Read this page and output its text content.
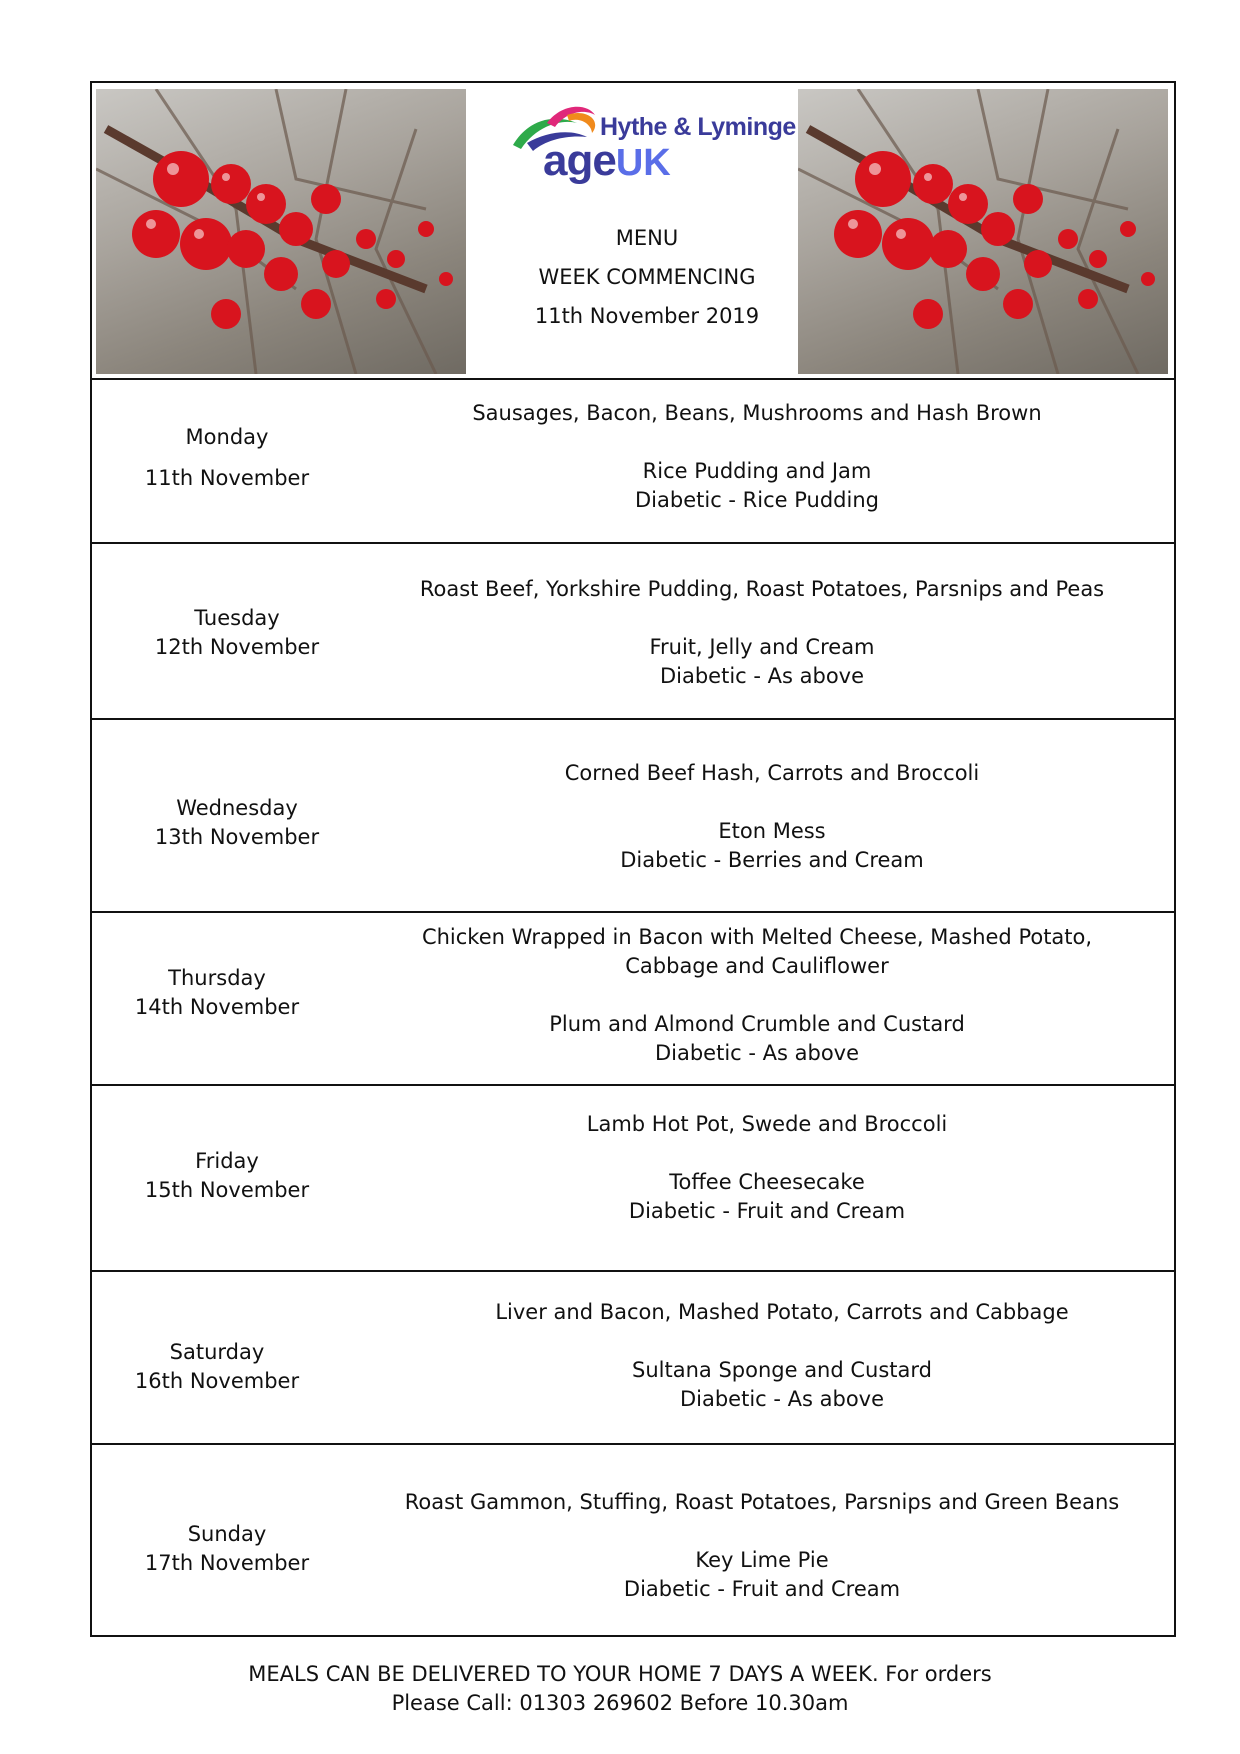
Hythe & Lyminge
ageUK
MENU
WEEK COMMENCING
11th November 2019
Monday
11th November
Sausages, Bacon, Beans, Mushrooms and Hash Brown
Rice Pudding and Jam
Diabetic - Rice Pudding
Tuesday
12th November
Roast Beef, Yorkshire Pudding, Roast Potatoes, Parsnips and Peas
Fruit, Jelly and Cream
Diabetic - As above
Wednesday
13th November
Corned Beef Hash, Carrots and Broccoli
Eton Mess
Diabetic - Berries and Cream
Thursday
14th November
Chicken Wrapped in Bacon with Melted Cheese, Mashed Potato,
Cabbage and Cauliflower
Plum and Almond Crumble and Custard
Diabetic - As above
Friday
15th November
Lamb Hot Pot, Swede and Broccoli
Toffee Cheesecake
Diabetic - Fruit and Cream
Saturday
16th November
Liver and Bacon, Mashed Potato, Carrots and Cabbage
Sultana Sponge and Custard
Diabetic - As above
Sunday
17th November
Roast Gammon, Stuffing, Roast Potatoes, Parsnips and Green Beans
Key Lime Pie
Diabetic - Fruit and Cream
MEALS CAN BE DELIVERED TO YOUR HOME 7 DAYS A WEEK. For orders
Please Call: 01303 269602 Before 10.30am
